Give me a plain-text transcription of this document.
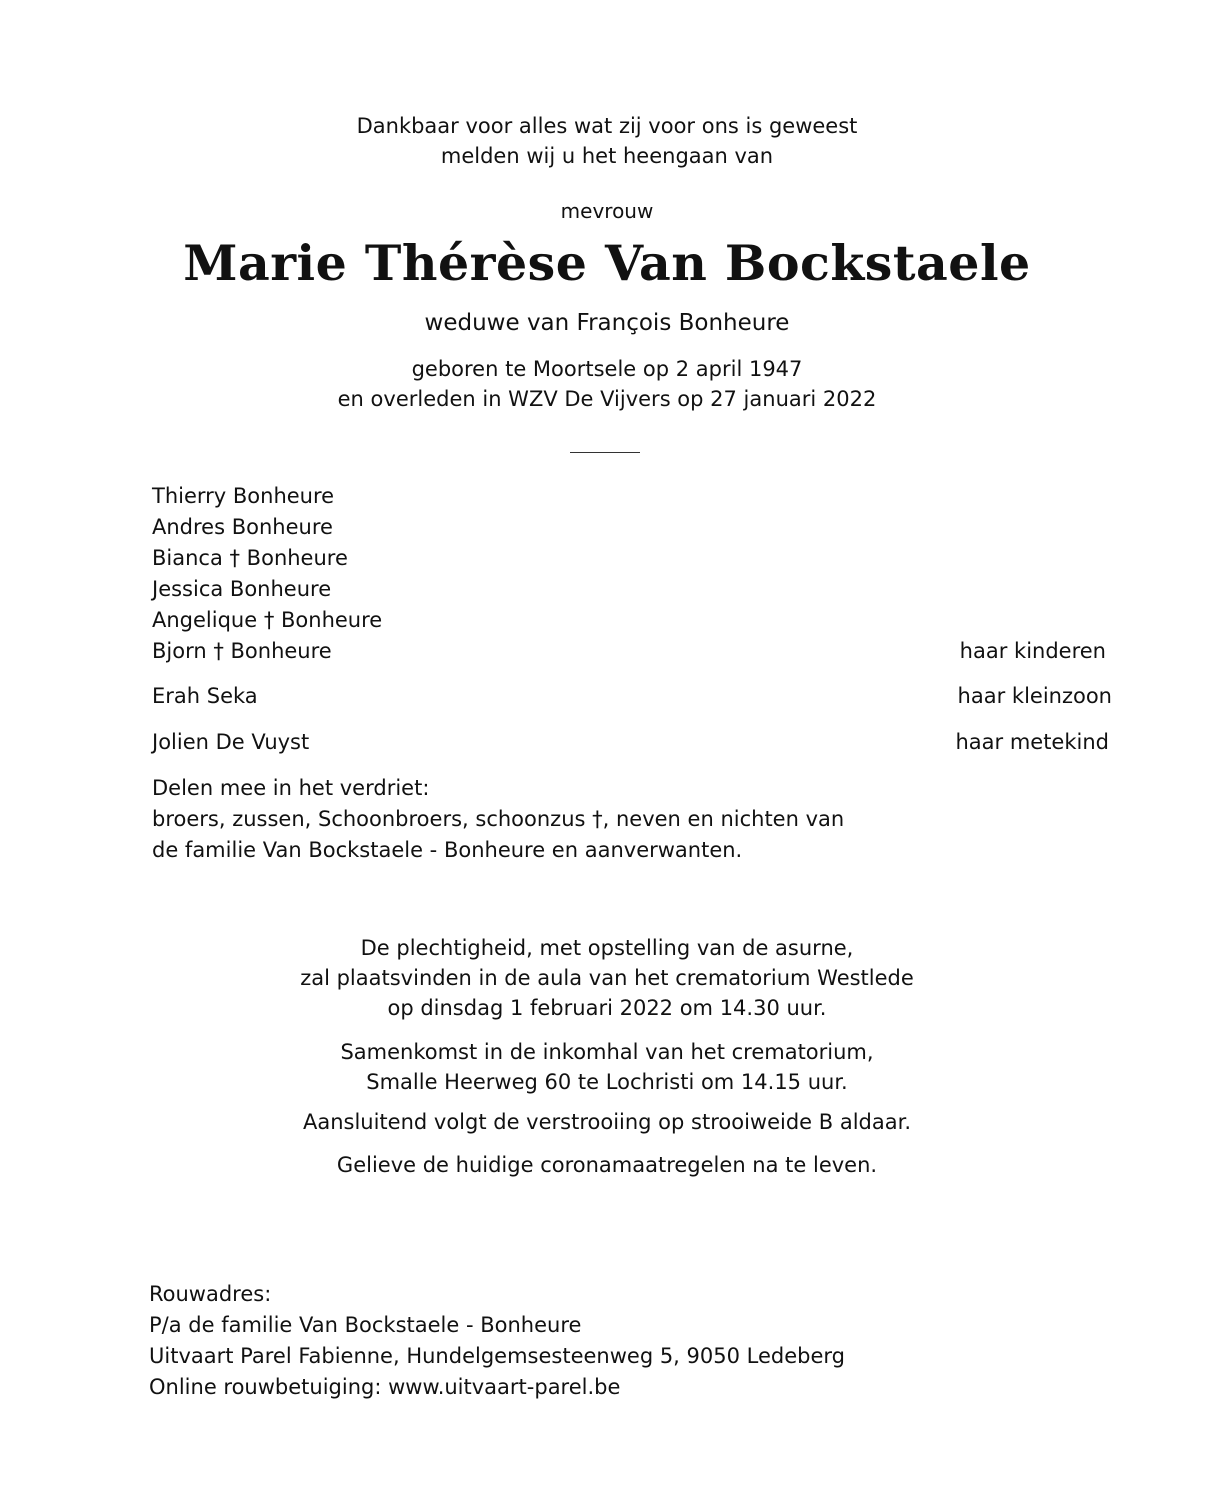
Dankbaar voor alles wat zij voor ons is geweest
melden wij u het heengaan van
mevrouw
Marie Thérèse Van Bockstaele
weduwe van François Bonheure
geboren te Moortsele op 2 april 1947
en overleden in WZV De Vijvers op 27 januari 2022
Thierry Bonheure
Andres Bonheure
Bianca † Bonheure
Jessica Bonheure
Angelique † Bonheure
Bjorn † Bonheure	haar kinderen
Erah Seka	haar kleinzoon
Jolien De Vuyst	haar metekind
Delen mee in het verdriet:
broers, zussen, Schoonbroers, schoonzus †, neven en nichten van
de familie Van Bockstaele - Bonheure en aanverwanten.
De plechtigheid, met opstelling van de asurne,
zal plaatsvinden in de aula van het crematorium Westlede
op dinsdag 1 februari 2022 om 14.30 uur.
Samenkomst in de inkomhal van het crematorium,
Smalle Heerweg 60 te Lochristi om 14.15 uur.
Aansluitend volgt de verstrooiing op strooiweide B aldaar.
Gelieve de huidige coronamaatregelen na te leven.
Rouwadres:
P/a de familie Van Bockstaele - Bonheure
Uitvaart Parel Fabienne, Hundelgemsesteenweg 5, 9050 Ledeberg
Online rouwbetuiging: www.uitvaart-parel.be
